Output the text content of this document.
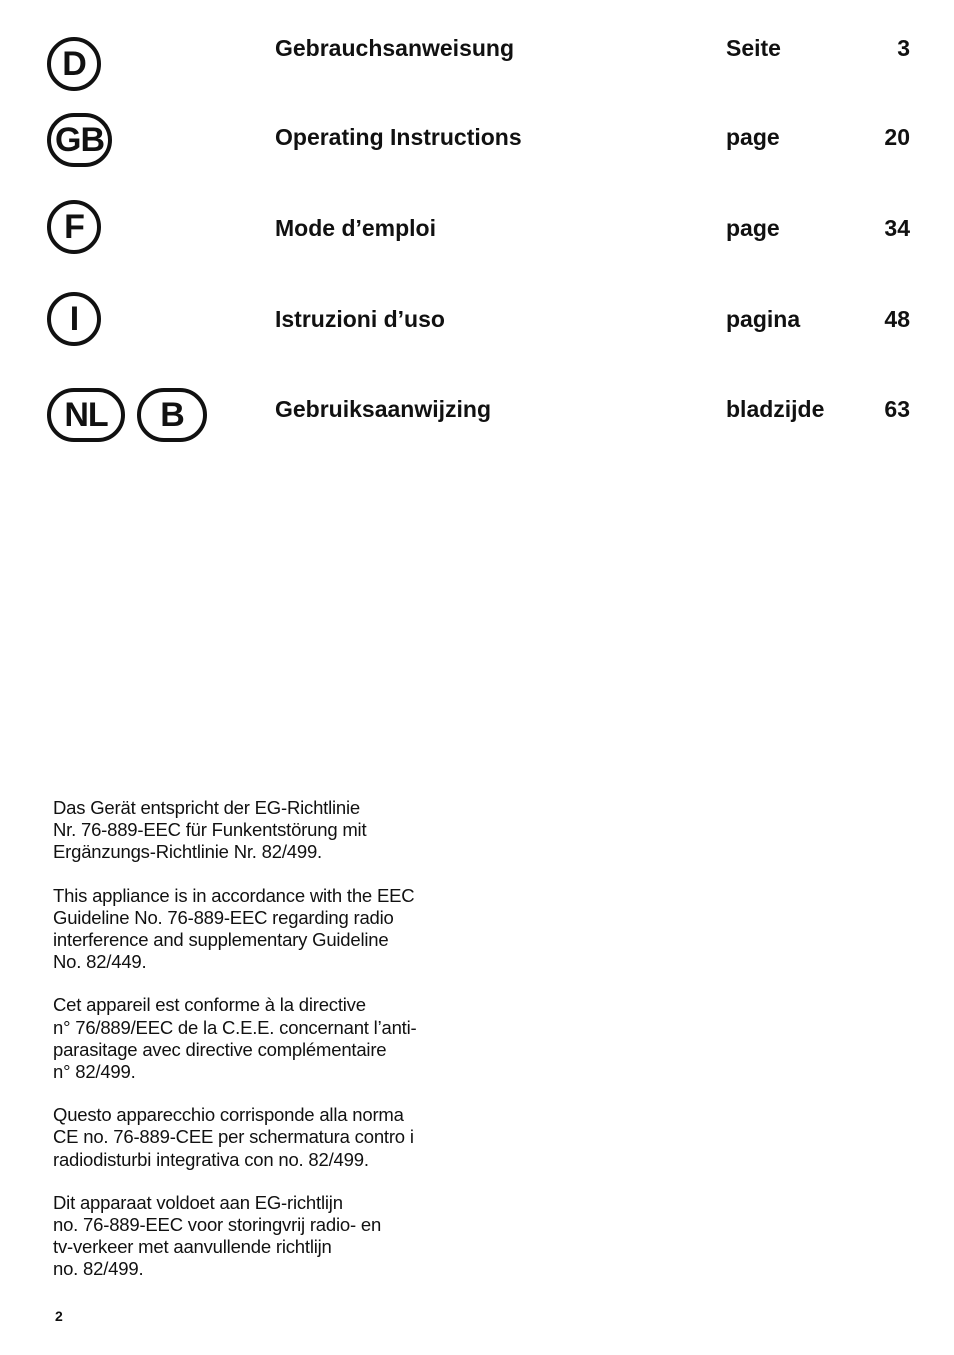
D	Gebrauchsanweisung	Seite	3
GB	Operating Instructions	page	20
F	Mode d’emploi	page	34
I	Istruzioni d’uso	pagina	48
NL	B	Gebruiksaanwijzing	bladzijde	63

Das Gerät entspricht der EG-Richtlinie
Nr. 76-889-EEC für Funkentstörung mit
Ergänzungs-Richtlinie Nr. 82/499.

This appliance is in accordance with the EEC
Guideline No. 76-889-EEC regarding radio
interference and supplementary Guideline
No. 82/449.

Cet appareil est conforme à la directive
n° 76/889/EEC de la C.E.E. concernant l’anti-
parasitage avec directive complémentaire
n° 82/499.

Questo apparecchio corrisponde alla norma
CE no. 76-889-CEE per schermatura contro i
radiodisturbi integrativa con no. 82/499.

Dit apparaat voldoet aan EG-richtlijn
no. 76-889-EEC voor storingvrij radio- en
tv-verkeer met aanvullende richtlijn
no. 82/499.

2
